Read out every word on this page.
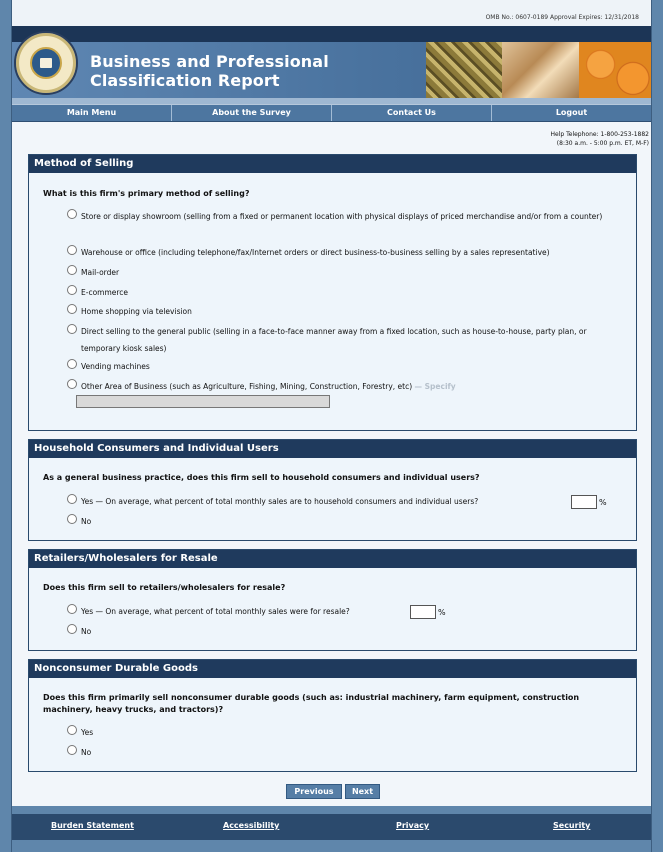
OMB No.: 0607-0189 Approval Expires: 12/31/2018
Business and Professional
Classification Report
Main Menu	About the Survey	Contact Us	Logout
Help Telephone: 1-800-253-1882
(8:30 a.m. - 5:00 p.m. ET, M-F)
Method of Selling
What is this firm's primary method of selling?
Store or display showroom (selling from a fixed or permanent location with physical displays of priced merchandise and/or from a counter)
Warehouse or office (including telephone/fax/Internet orders or direct business-to-business selling by a sales representative)
Mail-order
E-commerce
Home shopping via television
Direct selling to the general public (selling in a face-to-face manner away from a fixed location, such as house-to-house, party plan, or temporary kiosk sales)
Vending machines
Other Area of Business (such as Agriculture, Fishing, Mining, Construction, Forestry, etc) — Specify
Household Consumers and Individual Users
As a general business practice, does this firm sell to household consumers and individual users?
Yes — On average, what percent of total monthly sales are to household consumers and individual users?	%
No
Retailers/Wholesalers for Resale
Does this firm sell to retailers/wholesalers for resale?
Yes — On average, what percent of total monthly sales were for resale?	%
No
Nonconsumer Durable Goods
Does this firm primarily sell nonconsumer durable goods (such as: industrial machinery, farm equipment, construction machinery, heavy trucks, and tractors)?
Yes
No
Previous	Next
Burden Statement	Accessibility	Privacy	Security
